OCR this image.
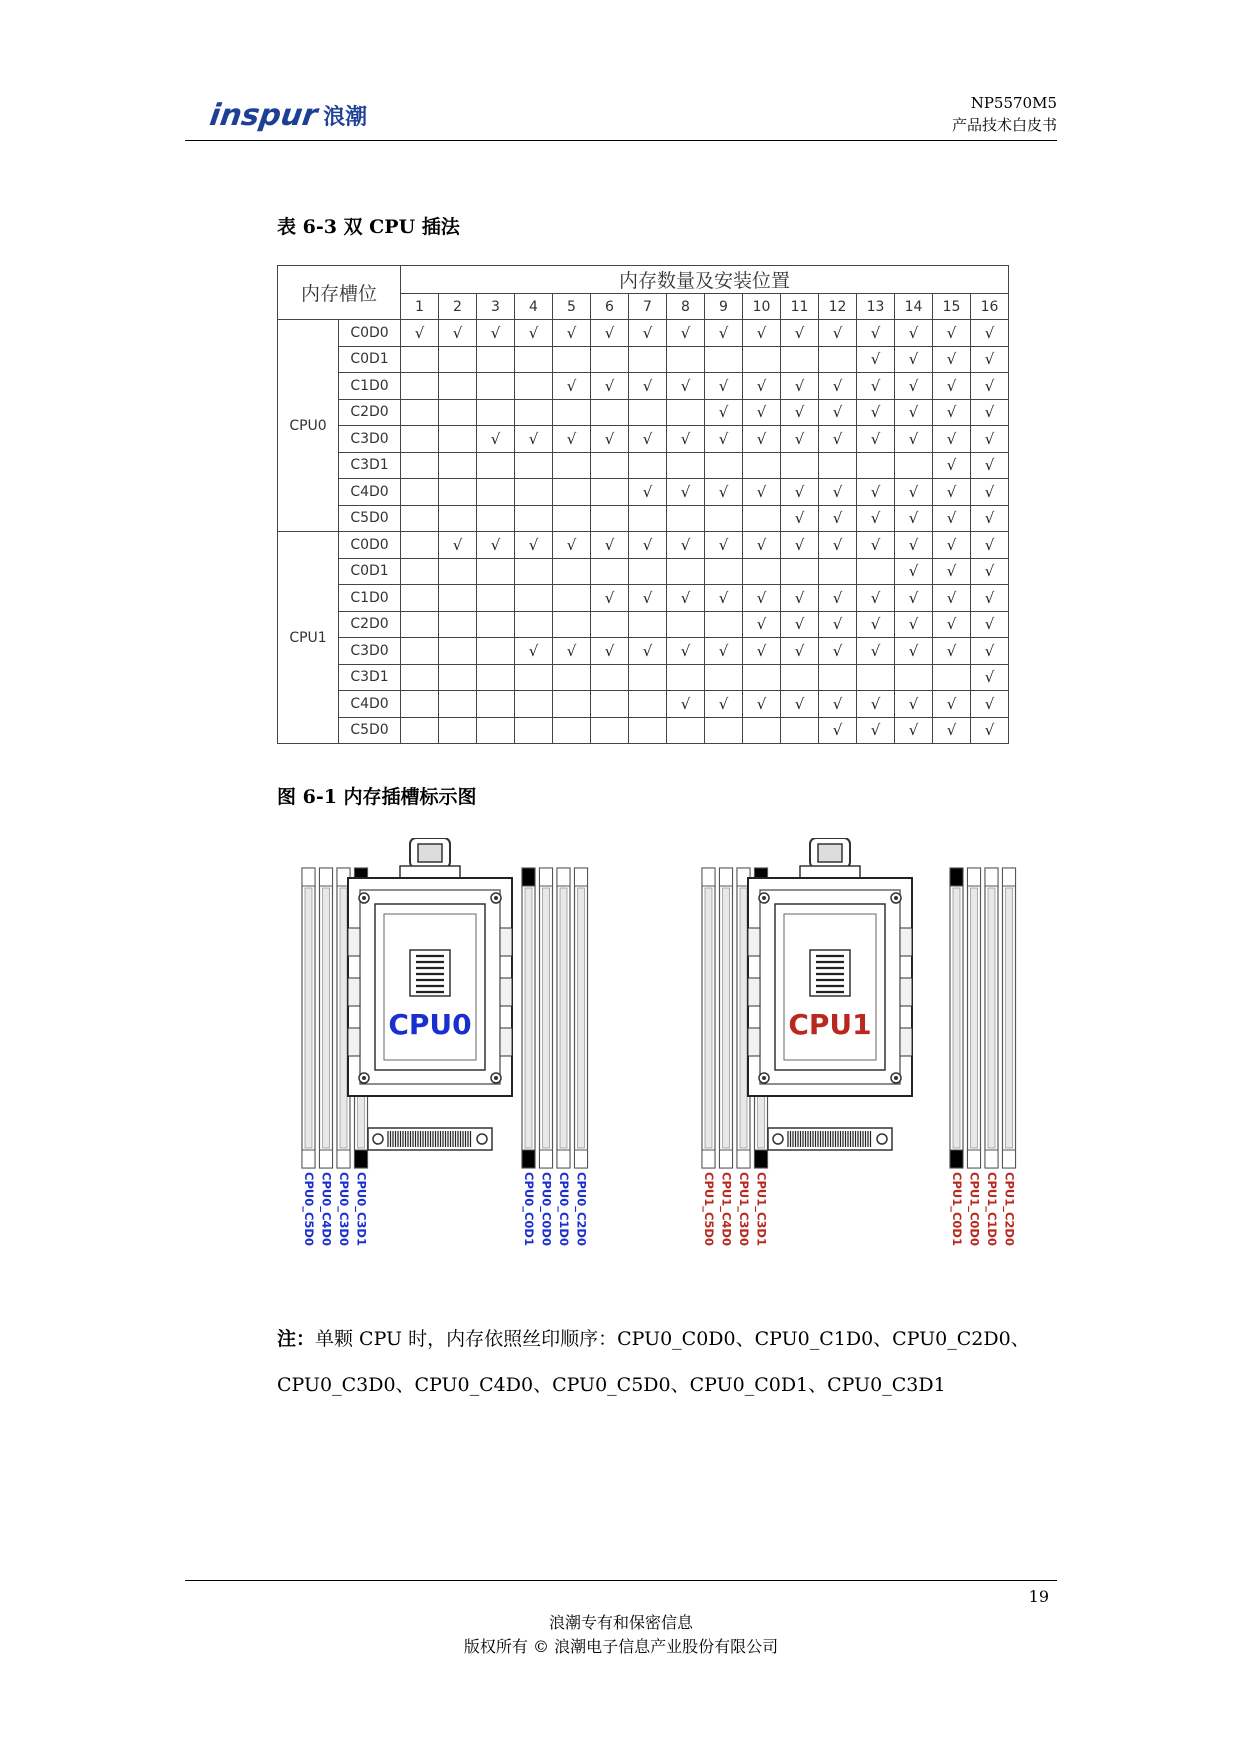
inspur 浪潮
NP5570M5
产品技术白皮书
表 6-3 双 CPU 插法
内存槽位		内存数量及安装位置															
		1	2	3	4	5	6	7	8	9	10	11	12	13	14	15	16
CPU0	C0D0	√	√	√	√	√	√	√	√	√	√	√	√	√	√	√	√
	C0D1													√	√	√	√
	C1D0					√	√	√	√	√	√	√	√	√	√	√	√
	C2D0									√	√	√	√	√	√	√	√
	C3D0			√	√	√	√	√	√	√	√	√	√	√	√	√	√
	C3D1															√	√
	C4D0							√	√	√	√	√	√	√	√	√	√
	C5D0											√	√	√	√	√	√
CPU1	C0D0		√	√	√	√	√	√	√	√	√	√	√	√	√	√	√
	C0D1														√	√	√
	C1D0						√	√	√	√	√	√	√	√	√	√	√
	C2D0										√	√	√	√	√	√	√
	C3D0				√	√	√	√	√	√	√	√	√	√	√	√	√
	C3D1																√
	C4D0								√	√	√	√	√	√	√	√	√
	C5D0												√	√	√	√	√
图 6-1 内存插槽标示图
CPU0_C5D0 CPU0_C4D0 CPU0_C3D0 CPU0_C3D1
CPU0
CPU0_C0D1 CPU0_C0D0 CPU0_C1D0 CPU0_C2D0	CPU1_C5D0 CPU1_C4D0 CPU1_C3D0 CPU1_C3D1
CPU1
CPU1_C0D1 CPU1_C0D0 CPU1_C1D0 CPU1_C2D0
注：单颗 CPU 时，内存依照丝印顺序：CPU0_C0D0、CPU0_C1D0、CPU0_C2D0、CPU0_C3D0、CPU0_C4D0、CPU0_C5D0、CPU0_C0D1、CPU0_C3D1
19
浪潮专有和保密信息
版权所有 © 浪潮电子信息产业股份有限公司
